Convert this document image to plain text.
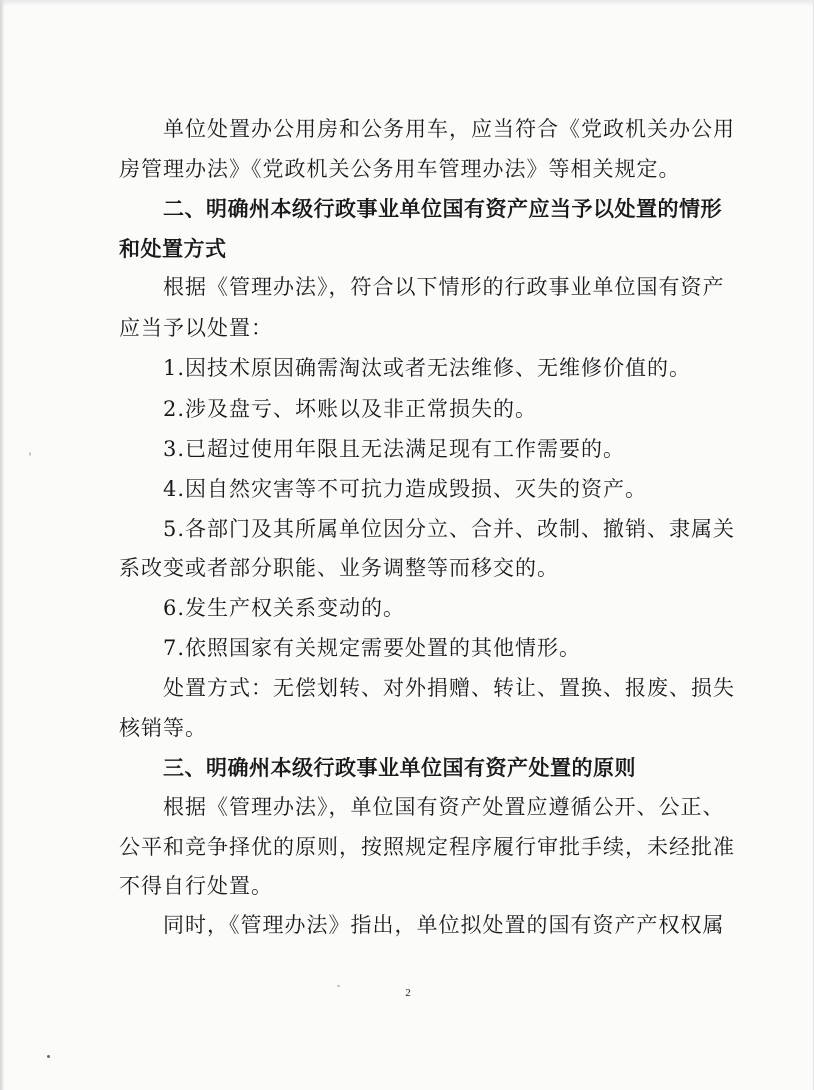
单位处置办公用房和公务用车，应当符合《党政机关办公用
房管理办法》《党政机关公务用车管理办法》等相关规定。
二、明确州本级行政事业单位国有资产应当予以处置的情形
和处置方式
根据《管理办法》，符合以下情形的行政事业单位国有资产
应当予以处置：
1.因技术原因确需淘汰或者无法维修、无维修价值的。
2.涉及盘亏、坏账以及非正常损失的。
3.已超过使用年限且无法满足现有工作需要的。
4.因自然灾害等不可抗力造成毁损、灭失的资产。
5.各部门及其所属单位因分立、合并、改制、撤销、隶属关
系改变或者部分职能、业务调整等而移交的。
6.发生产权关系变动的。
7.依照国家有关规定需要处置的其他情形。
处置方式：无偿划转、对外捐赠、转让、置换、报废、损失
核销等。
三、明确州本级行政事业单位国有资产处置的原则
根据《管理办法》，单位国有资产处置应遵循公开、公正、
公平和竞争择优的原则，按照规定程序履行审批手续，未经批准
不得自行处置。
同时，《管理办法》指出，单位拟处置的国有资产产权权属
2
